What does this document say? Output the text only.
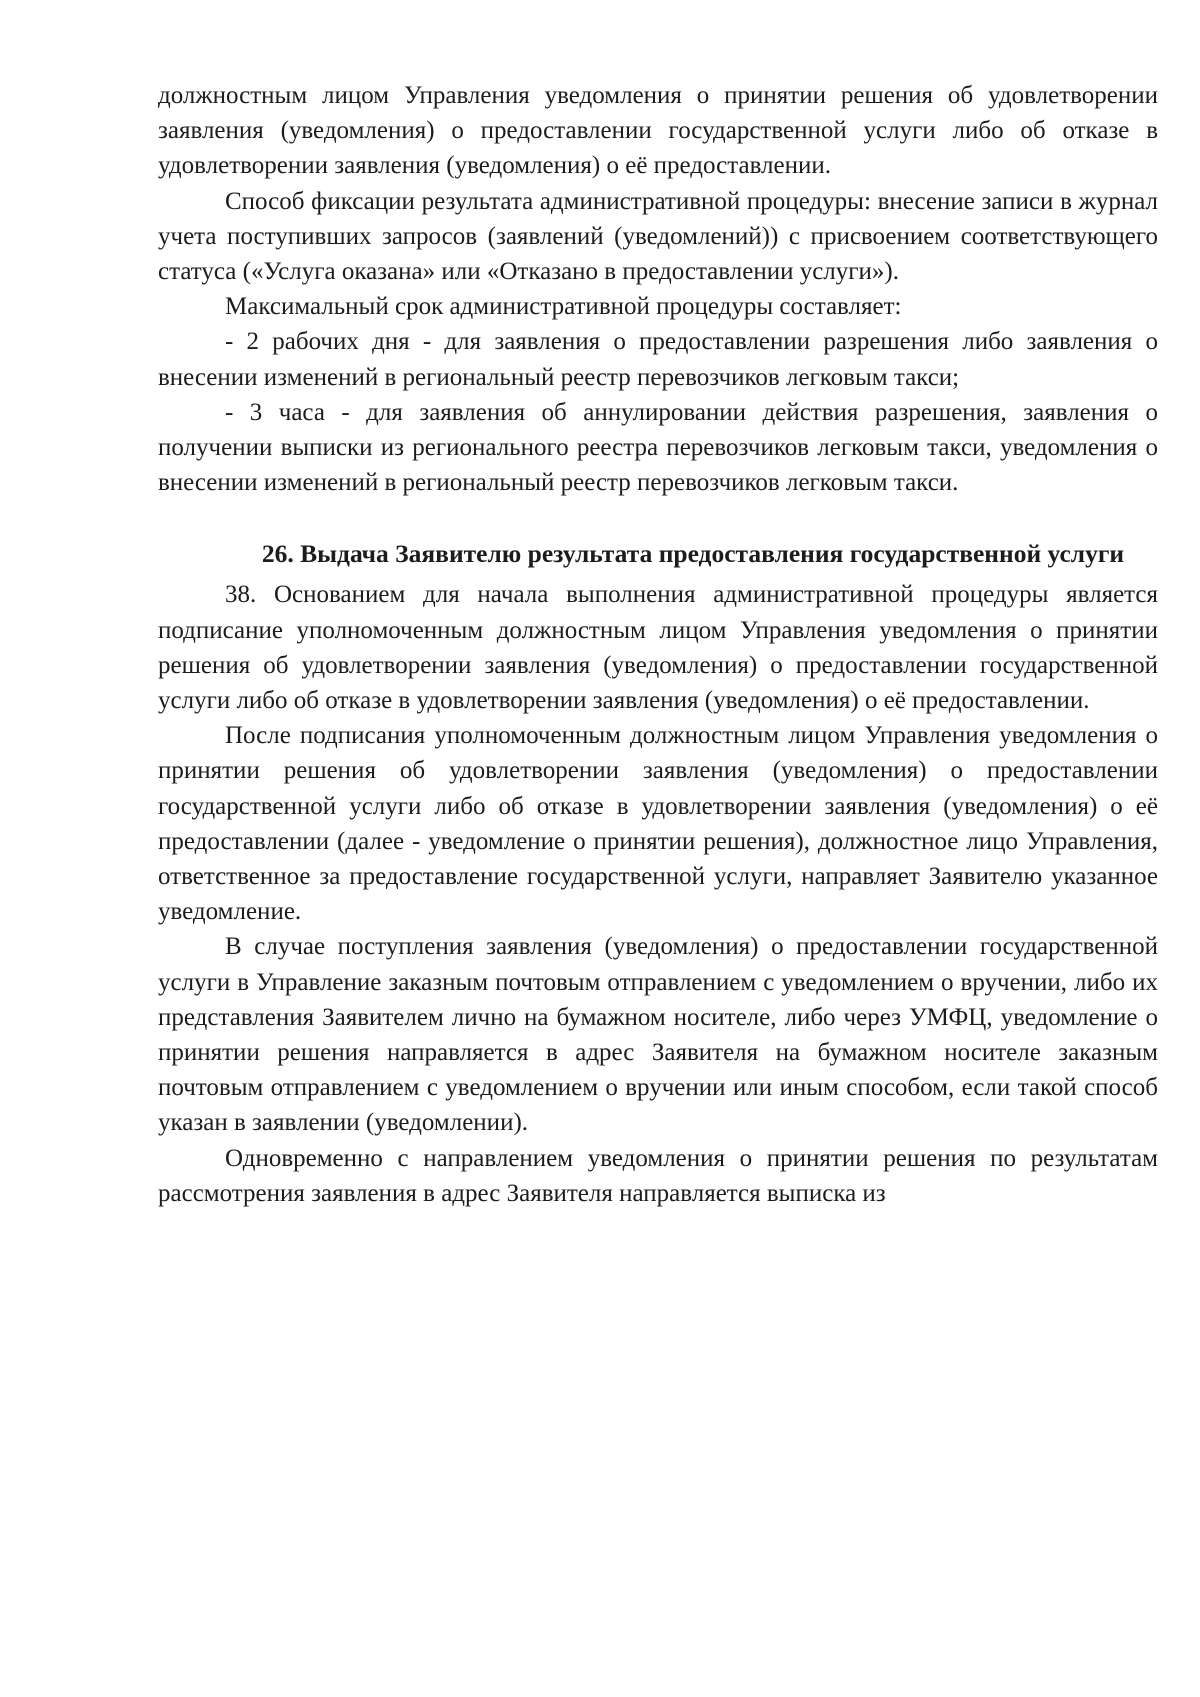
должностным лицом Управления уведомления о принятии решения об удовлетворении заявления (уведомления) о предоставлении государственной услуги либо об отказе в удовлетворении заявления (уведомления) о её предоставлении.

Способ фиксации результата административной процедуры: внесение записи в журнал учета поступивших запросов (заявлений (уведомлений)) с присвоением соответствующего статуса («Услуга оказана» или «Отказано в предоставлении услуги»).

Максимальный срок административной процедуры составляет:

- 2 рабочих дня - для заявления о предоставлении разрешения либо заявления о внесении изменений в региональный реестр перевозчиков легковым такси;

- 3 часа - для заявления об аннулировании действия разрешения, заявления о получении выписки из регионального реестра перевозчиков легковым такси, уведомления о внесении изменений в региональный реестр перевозчиков легковым такси.

26. Выдача Заявителю результата предоставления государственной услуги

38. Основанием для начала выполнения административной процедуры является подписание уполномоченным должностным лицом Управления уведомления о принятии решения об удовлетворении заявления (уведомления) о предоставлении государственной услуги либо об отказе в удовлетворении заявления (уведомления) о её предоставлении.

После подписания уполномоченным должностным лицом Управления уведомления о принятии решения об удовлетворении заявления (уведомления) о предоставлении государственной услуги либо об отказе в удовлетворении заявления (уведомления) о её предоставлении (далее - уведомление о принятии решения), должностное лицо Управления, ответственное за предоставление государственной услуги, направляет Заявителю указанное уведомление.

В случае поступления заявления (уведомления) о предоставлении государственной услуги в Управление заказным почтовым отправлением с уведомлением о вручении, либо их представления Заявителем лично на бумажном носителе, либо через УМФЦ, уведомление о принятии решения направляется в адрес Заявителя на бумажном носителе заказным почтовым отправлением с уведомлением о вручении или иным способом, если такой способ указан в заявлении (уведомлении).

Одновременно с направлением уведомления о принятии решения по результатам рассмотрения заявления в адрес Заявителя направляется выписка из
